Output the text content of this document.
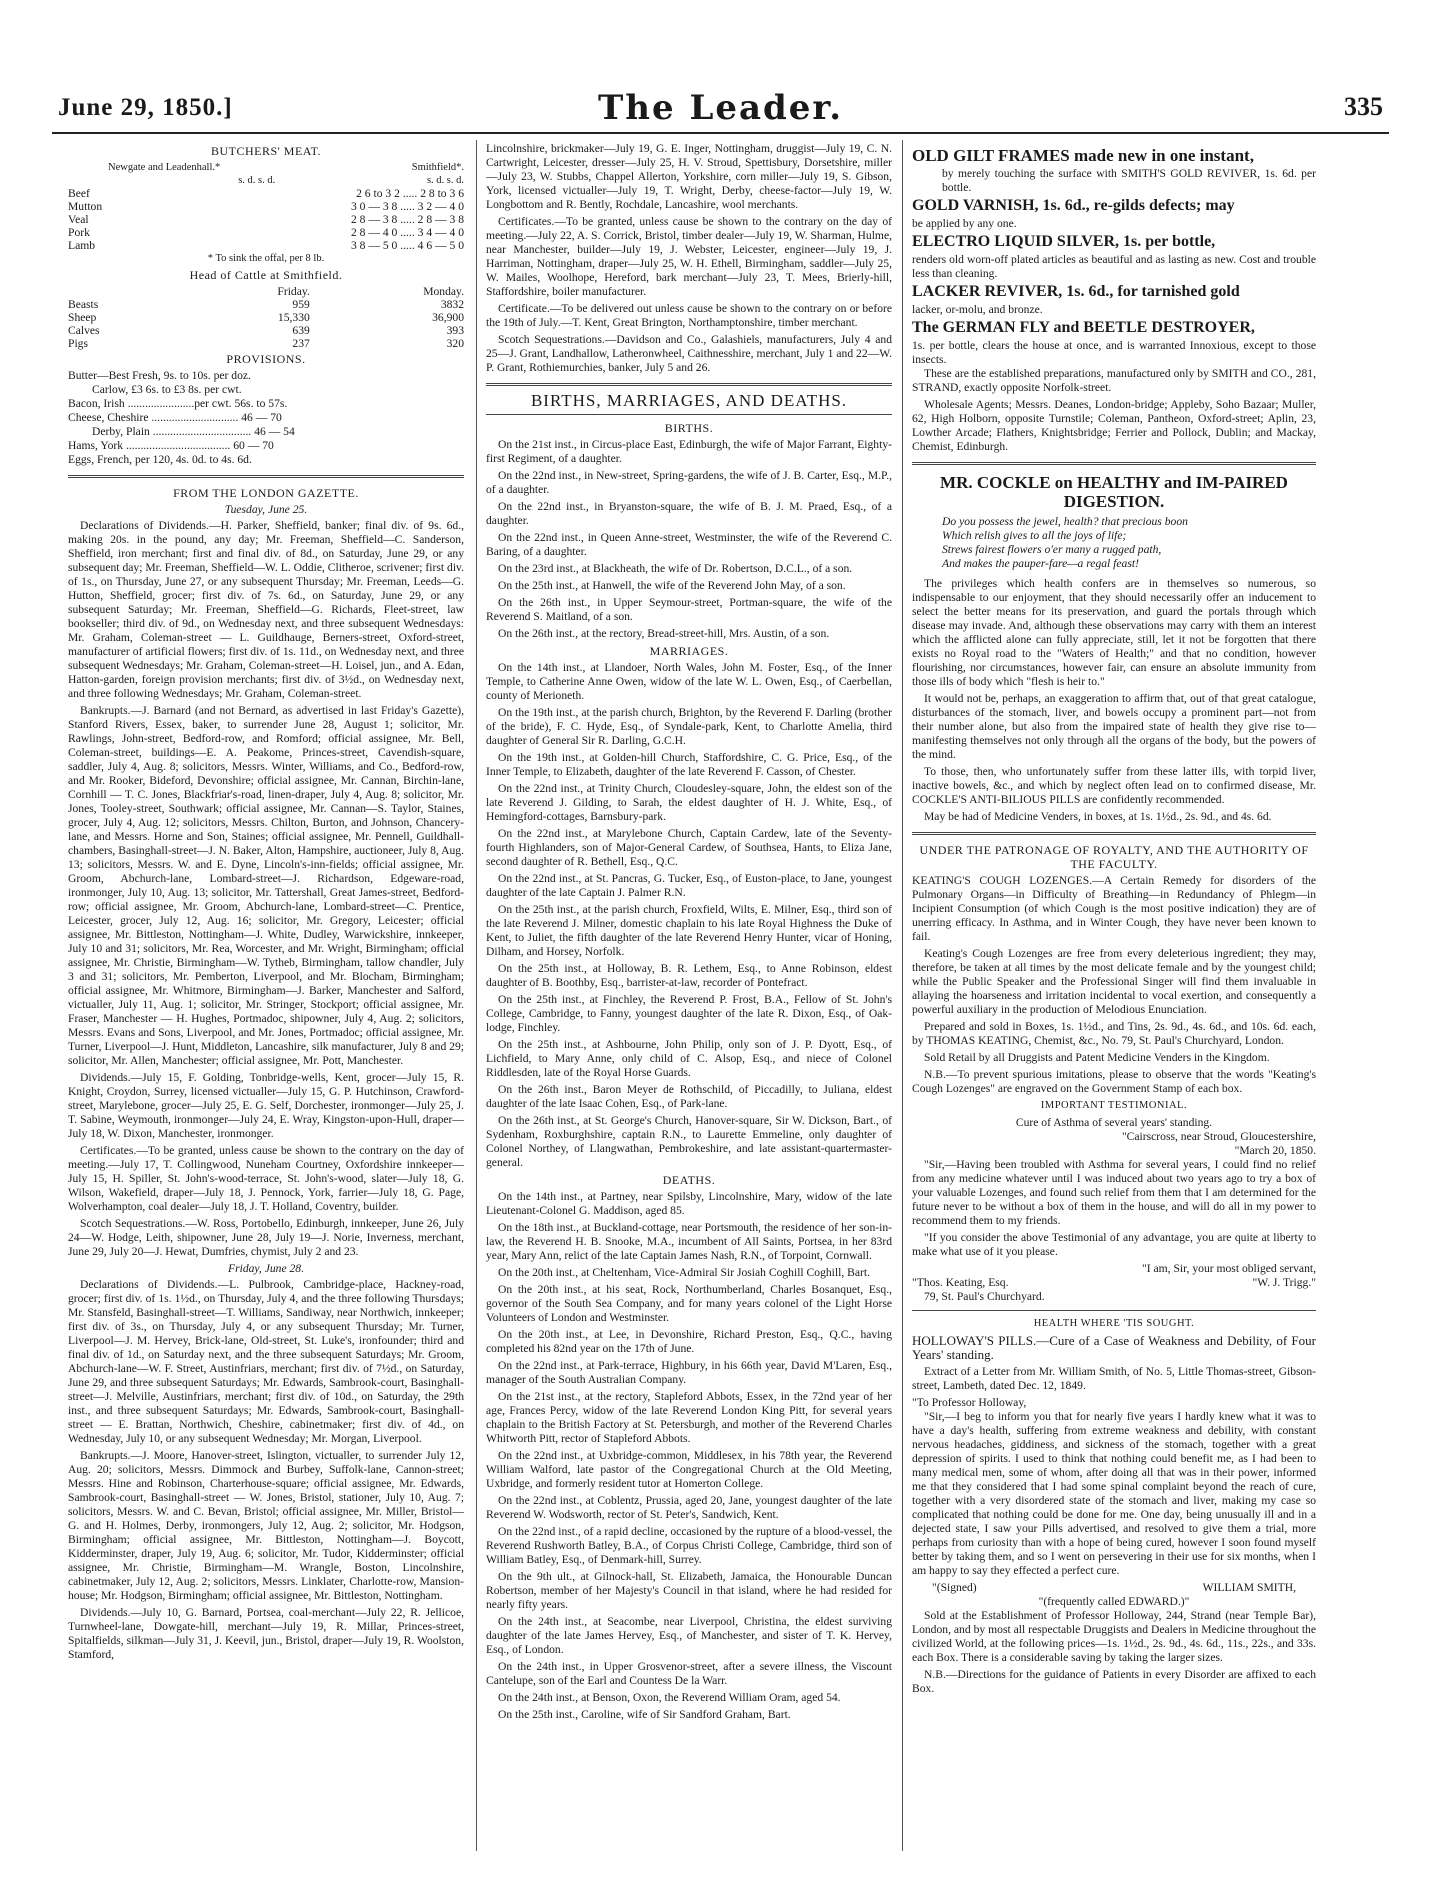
June 29, 1850.]	The Leader.	335
BUTCHERS' MEAT.
Newgate and Leadenhall.*	Smithfield*.
s. d. s. d.	s. d. s. d.
Beef	2 6 to 3 2 ..... 2 8 to 3 6
Mutton	3 0 — 3 8 ..... 3 2 — 4 0
Veal	2 8 — 3 8 ..... 2 8 — 3 8
Pork	2 8 — 4 0 ..... 3 4 — 4 0
Lamb	3 8 — 5 0 ..... 4 6 — 5 0
* To sink the offal, per 8 lb.
Head of Cattle at Smithfield.
	Friday.	Monday.
Beasts	959	3832
Sheep	15,330	36,900
Calves	639	393
Pigs	237	320
PROVISIONS.
Butter—Best Fresh, 9s. to 10s. per doz.
Carlow, £3 6s. to £3 8s. per cwt.
Bacon, Irish .......................per cwt. 56s. to 57s.
Cheese, Cheshire .............................. 46 — 70
Derby, Plain .................................. 46 — 54
Hams, York .................................... 60 — 70
Eggs, French, per 120, 4s. 0d. to 4s. 6d.
FROM THE LONDON GAZETTE.
Tuesday, June 25.

Declarations of Dividends.—H. Parker, Sheffield, banker; final div. of 9s. 6d., making 20s. in the pound, any day; Mr. Freeman, Sheffield—C. Sanderson, Sheffield, iron merchant; first and final div. of 8d., on Saturday, June 29, or any subsequent day; Mr. Freeman, Sheffield—W. L. Oddie, Clitheroe, scrivener; first div. of 1s., on Thursday, June 27, or any subsequent Thursday; Mr. Freeman, Leeds—G. Hutton, Sheffield, grocer; first div. of 7s. 6d., on Saturday, June 29, or any subsequent Saturday; Mr. Freeman, Sheffield—G. Richards, Fleet-street, law bookseller; third div. of 9d., on Wednesday next, and three subsequent Wednesdays: Mr. Graham, Coleman-street — L. Guildhauge, Berners-street, Oxford-street, manufacturer of artificial flowers; first div. of 1s. 11d., on Wednesday next, and three subsequent Wednesdays; Mr. Graham, Coleman-street—H. Loisel, jun., and A. Edan, Hatton-garden, foreign provision merchants; first div. of 3½d., on Wednesday next, and three following Wednesdays; Mr. Graham, Coleman-street.

Bankrupts.—J. Barnard (and not Bernard, as advertised in last Friday's Gazette), Stanford Rivers, Essex, baker, to surrender June 28, August 1; solicitor, Mr. Rawlings, John-street, Bedford-row, and Romford; official assignee, Mr. Bell, Coleman-street, buildings—E. A. Peakome, Princes-street, Cavendish-square, saddler, July 4, Aug. 8; solicitors, Messrs. Winter, Williams, and Co., Bedford-row, and Mr. Rooker, Bideford, Devonshire; official assignee, Mr. Cannan, Birchin-lane, Cornhill — T. C. Jones, Blackfriar's-road, linen-draper, July 4, Aug. 8; solicitor, Mr. Jones, Tooley-street, Southwark; official assignee, Mr. Cannan—S. Taylor, Staines, grocer, July 4, Aug. 12; solicitors, Messrs. Chilton, Burton, and Johnson, Chancery-lane, and Messrs. Horne and Son, Staines; official assignee, Mr. Pennell, Guildhall-chambers, Basinghall-street—J. N. Baker, Alton, Hampshire, auctioneer, July 8, Aug. 13; solicitors, Messrs. W. and E. Dyne, Lincoln's-inn-fields; official assignee, Mr. Groom, Abchurch-lane, Lombard-street—J. Richardson, Edgeware-road, ironmonger, July 10, Aug. 13; solicitor, Mr. Tattershall, Great James-street, Bedford-row; official assignee, Mr. Groom, Abchurch-lane, Lombard-street—C. Prentice, Leicester, grocer, July 12, Aug. 16; solicitor, Mr. Gregory, Leicester; official assignee, Mr. Bittleston, Nottingham—J. White, Dudley, Warwickshire, innkeeper, July 10 and 31; solicitors, Mr. Rea, Worcester, and Mr. Wright, Birmingham; official assignee, Mr. Christie, Birmingham—W. Tytheb, Birmingham, tallow chandler, July 3 and 31; solicitors, Mr. Pemberton, Liverpool, and Mr. Blocham, Birmingham; official assignee, Mr. Whitmore, Birmingham—J. Barker, Manchester and Salford, victualler, July 11, Aug. 1; solicitor, Mr. Stringer, Stockport; official assignee, Mr. Fraser, Manchester — H. Hughes, Portmadoc, shipowner, July 4, Aug. 2; solicitors, Messrs. Evans and Sons, Liverpool, and Mr. Jones, Portmadoc; official assignee, Mr. Turner, Liverpool—J. Hunt, Middleton, Lancashire, silk manufacturer, July 8 and 29; solicitor, Mr. Allen, Manchester; official assignee, Mr. Pott, Manchester.

Dividends.—July 15, F. Golding, Tonbridge-wells, Kent, grocer—July 15, R. Knight, Croydon, Surrey, licensed victualler—July 15, G. P. Hutchinson, Crawford-street, Marylebone, grocer—July 25, E. G. Self, Dorchester, ironmonger—July 25, J. T. Sabine, Weymouth, ironmonger—July 24, E. Wray, Kingston-upon-Hull, draper—July 18, W. Dixon, Manchester, ironmonger.

Certificates.—To be granted, unless cause be shown to the contrary on the day of meeting.—July 17, T. Collingwood, Nuneham Courtney, Oxfordshire innkeeper—July 15, H. Spiller, St. John's-wood-terrace, St. John's-wood, slater—July 18, G. Wilson, Wakefield, draper—July 18, J. Pennock, York, farrier—July 18, G. Page, Wolverhampton, coal dealer—July 18, J. T. Holland, Coventry, builder.

Scotch Sequestrations.—W. Ross, Portobello, Edinburgh, innkeeper, June 26, July 24—W. Hodge, Leith, shipowner, June 28, July 19—J. Norie, Inverness, merchant, June 29, July 20—J. Hewat, Dumfries, chymist, July 2 and 23.

Friday, June 28.

Declarations of Dividends.—L. Pulbrook, Cambridge-place, Hackney-road, grocer; first div. of 1s. 1½d., on Thursday, July 4, and the three following Thursdays; Mr. Stansfeld, Basinghall-street—T. Williams, Sandiway, near Northwich, innkeeper; first div. of 3s., on Thursday, July 4, or any subsequent Thursday; Mr. Turner, Liverpool—J. M. Hervey, Brick-lane, Old-street, St. Luke's, ironfounder; third and final div. of 1d., on Saturday next, and the three subsequent Saturdays; Mr. Groom, Abchurch-lane—W. F. Street, Austinfriars, merchant; first div. of 7½d., on Saturday, June 29, and three subsequent Saturdays; Mr. Edwards, Sambrook-court, Basinghall-street—J. Melville, Austinfriars, merchant; first div. of 10d., on Saturday, the 29th inst., and three subsequent Saturdays; Mr. Edwards, Sambrook-court, Basinghall-street — E. Brattan, Northwich, Cheshire, cabinetmaker; first div. of 4d., on Wednesday, July 10, or any subsequent Wednesday; Mr. Morgan, Liverpool.

Bankrupts.—J. Moore, Hanover-street, Islington, victualler, to surrender July 12, Aug. 20; solicitors, Messrs. Dimmock and Burbey, Suffolk-lane, Cannon-street; Messrs. Hine and Robinson, Charterhouse-square; official assignee, Mr. Edwards, Sambrook-court, Basinghall-street — W. Jones, Bristol, stationer, July 10, Aug. 7; solicitors, Messrs. W. and C. Bevan, Bristol; official assignee, Mr. Miller, Bristol—G. and H. Holmes, Derby, ironmongers, July 12, Aug. 2; solicitor, Mr. Hodgson, Birmingham; official assignee, Mr. Bittleston, Nottingham—J. Boycott, Kidderminster, draper, July 19, Aug. 6; solicitor, Mr. Tudor, Kidderminster; official assignee, Mr. Christie, Birmingham—M. Wrangle, Boston, Lincolnshire, cabinetmaker, July 12, Aug. 2; solicitors, Messrs. Linklater, Charlotte-row, Mansion-house; Mr. Hodgson, Birmingham; official assignee, Mr. Bittleston, Nottingham.

Dividends.—July 10, G. Barnard, Portsea, coal-merchant—July 22, R. Jellicoe, Turnwheel-lane, Dowgate-hill, merchant—July 19, R. Millar, Princes-street, Spitalfields, silkman—July 31, J. Keevil, jun., Bristol, draper—July 19, R. Woolston, Stamford,

Lincolnshire, brickmaker—July 19, G. E. Inger, Nottingham, druggist—July 19, C. N. Cartwright, Leicester, dresser—July 25, H. V. Stroud, Spettisbury, Dorsetshire, miller—July 23, W. Stubbs, Chappel Allerton, Yorkshire, corn miller—July 19, S. Gibson, York, licensed victualler—July 19, T. Wright, Derby, cheese-factor—July 19, W. Longbottom and R. Bently, Rochdale, Lancashire, wool merchants.

Certificates.—To be granted, unless cause be shown to the contrary on the day of meeting.—July 22, A. S. Corrick, Bristol, timber dealer—July 19, W. Sharman, Hulme, near Manchester, builder—July 19, J. Webster, Leicester, engineer—July 19, J. Harriman, Nottingham, draper—July 25, W. H. Ethell, Birmingham, saddler—July 25, W. Mailes, Woolhope, Hereford, bark merchant—July 23, T. Mees, Brierly-hill, Staffordshire, boiler manufacturer.

Certificate.—To be delivered out unless cause be shown to the contrary on or before the 19th of July.—T. Kent, Great Brington, Northamptonshire, timber merchant.

Scotch Sequestrations.—Davidson and Co., Galashiels, manufacturers, July 4 and 25—J. Grant, Landhallow, Latheronwheel, Caithnesshire, merchant, July 1 and 22—W. P. Grant, Rothiemurchies, banker, July 5 and 26.

BIRTHS, MARRIAGES, AND DEATHS.
BIRTHS.

On the 21st inst., in Circus-place East, Edinburgh, the wife of Major Farrant, Eighty-first Regiment, of a daughter.

On the 22nd inst., in New-street, Spring-gardens, the wife of J. B. Carter, Esq., M.P., of a daughter.

On the 22nd inst., in Bryanston-square, the wife of B. J. M. Praed, Esq., of a daughter.

On the 22nd inst., in Queen Anne-street, Westminster, the wife of the Reverend C. Baring, of a daughter.

On the 23rd inst., at Blackheath, the wife of Dr. Robertson, D.C.L., of a son.

On the 25th inst., at Hanwell, the wife of the Reverend John May, of a son.

On the 26th inst., in Upper Seymour-street, Portman-square, the wife of the Reverend S. Maitland, of a son.

On the 26th inst., at the rectory, Bread-street-hill, Mrs. Austin, of a son.

MARRIAGES.

On the 14th inst., at Llandoer, North Wales, John M. Foster, Esq., of the Inner Temple, to Catherine Anne Owen, widow of the late W. L. Owen, Esq., of Caerbellan, county of Merioneth.

On the 19th inst., at the parish church, Brighton, by the Reverend F. Darling (brother of the bride), F. C. Hyde, Esq., of Syndale-park, Kent, to Charlotte Amelia, third daughter of General Sir R. Darling, G.C.H.

On the 19th inst., at Golden-hill Church, Staffordshire, C. G. Price, Esq., of the Inner Temple, to Elizabeth, daughter of the late Reverend F. Casson, of Chester.

On the 22nd inst., at Trinity Church, Cloudesley-square, John, the eldest son of the late Reverend J. Gilding, to Sarah, the eldest daughter of H. J. White, Esq., of Hemingford-cottages, Barnsbury-park.

On the 22nd inst., at Marylebone Church, Captain Cardew, late of the Seventy-fourth Highlanders, son of Major-General Cardew, of Southsea, Hants, to Eliza Jane, second daughter of R. Bethell, Esq., Q.C.

On the 22nd inst., at St. Pancras, G. Tucker, Esq., of Euston-place, to Jane, youngest daughter of the late Captain J. Palmer R.N.

On the 25th inst., at the parish church, Froxfield, Wilts, E. Milner, Esq., third son of the late Reverend J. Milner, domestic chaplain to his late Royal Highness the Duke of Kent, to Juliet, the fifth daughter of the late Reverend Henry Hunter, vicar of Honing, Dilham, and Horsey, Norfolk.

On the 25th inst., at Holloway, B. R. Lethem, Esq., to Anne Robinson, eldest daughter of B. Boothby, Esq., barrister-at-law, recorder of Pontefract.

On the 25th inst., at Finchley, the Reverend P. Frost, B.A., Fellow of St. John's College, Cambridge, to Fanny, youngest daughter of the late R. Dixon, Esq., of Oak-lodge, Finchley.

On the 25th inst., at Ashbourne, John Philip, only son of J. P. Dyott, Esq., of Lichfield, to Mary Anne, only child of C. Alsop, Esq., and niece of Colonel Riddlesden, late of the Royal Horse Guards.

On the 26th inst., Baron Meyer de Rothschild, of Piccadilly, to Juliana, eldest daughter of the late Isaac Cohen, Esq., of Park-lane.

On the 26th inst., at St. George's Church, Hanover-square, Sir W. Dickson, Bart., of Sydenham, Roxburghshire, captain R.N., to Laurette Emmeline, only daughter of Colonel Northey, of Llangwathan, Pembrokeshire, and late assistant-quartermaster-general.

DEATHS.

On the 14th inst., at Partney, near Spilsby, Lincolnshire, Mary, widow of the late Lieutenant-Colonel G. Maddison, aged 85.

On the 18th inst., at Buckland-cottage, near Portsmouth, the residence of her son-in-law, the Reverend H. B. Snooke, M.A., incumbent of All Saints, Portsea, in her 83rd year, Mary Ann, relict of the late Captain James Nash, R.N., of Torpoint, Cornwall.

On the 20th inst., at Cheltenham, Vice-Admiral Sir Josiah Coghill Coghill, Bart.

On the 20th inst., at his seat, Rock, Northumberland, Charles Bosanquet, Esq., governor of the South Sea Company, and for many years colonel of the Light Horse Volunteers of London and Westminster.

On the 20th inst., at Lee, in Devonshire, Richard Preston, Esq., Q.C., having completed his 82nd year on the 17th of June.

On the 22nd inst., at Park-terrace, Highbury, in his 66th year, David M'Laren, Esq., manager of the South Australian Company.

On the 21st inst., at the rectory, Stapleford Abbots, Essex, in the 72nd year of her age, Frances Percy, widow of the late Reverend London King Pitt, for several years chaplain to the British Factory at St. Petersburgh, and mother of the Reverend Charles Whitworth Pitt, rector of Stapleford Abbots.

On the 22nd inst., at Uxbridge-common, Middlesex, in his 78th year, the Reverend William Walford, late pastor of the Congregational Church at the Old Meeting, Uxbridge, and formerly resident tutor at Homerton College.

On the 22nd inst., at Coblentz, Prussia, aged 20, Jane, youngest daughter of the late Reverend W. Wodsworth, rector of St. Peter's, Sandwich, Kent.

On the 22nd inst., of a rapid decline, occasioned by the rupture of a blood-vessel, the Reverend Rushworth Batley, B.A., of Corpus Christi College, Cambridge, third son of William Batley, Esq., of Denmark-hill, Surrey.

On the 9th ult., at Gilnock-hall, St. Elizabeth, Jamaica, the Honourable Duncan Robertson, member of her Majesty's Council in that island, where he had resided for nearly fifty years.

On the 24th inst., at Seacombe, near Liverpool, Christina, the eldest surviving daughter of the late James Hervey, Esq., of Manchester, and sister of T. K. Hervey, Esq., of London.

On the 24th inst., in Upper Grosvenor-street, after a severe illness, the Viscount Cantelupe, son of the Earl and Countess De la Warr.

On the 24th inst., at Benson, Oxon, the Reverend William Oram, aged 54.

On the 25th inst., Caroline, wife of Sir Sandford Graham, Bart.

OLD GILT FRAMES made new in one instant,
by merely touching the surface with SMITH'S GOLD REVIVER, 1s. 6d. per bottle.
GOLD VARNISH, 1s. 6d., re-gilds defects; may
be applied by any one.
ELECTRO LIQUID SILVER, 1s. per bottle,
renders old worn-off plated articles as beautiful and as lasting as new. Cost and trouble less than cleaning.
LACKER REVIVER, 1s. 6d., for tarnished gold
lacker, or-molu, and bronze.
The GERMAN FLY and BEETLE DESTROYER,
1s. per bottle, clears the house at once, and is warranted Innoxious, except to those insects.

These are the established preparations, manufactured only by SMITH and CO., 281, STRAND, exactly opposite Norfolk-street.

Wholesale Agents; Messrs. Deanes, London-bridge; Appleby, Soho Bazaar; Muller, 62, High Holborn, opposite Turnstile; Coleman, Pantheon, Oxford-street; Aplin, 23, Lowther Arcade; Flathers, Knightsbridge; Ferrier and Pollock, Dublin; and Mackay, Chemist, Edinburgh.

MR. COCKLE on HEALTHY and IM-PAIRED DIGESTION.
Do you possess the jewel, health? that precious boon
Which relish gives to all the joys of life;
Strews fairest flowers o'er many a rugged path,
And makes the pauper-fare—a regal feast!

The privileges which health confers are in themselves so numerous, so indispensable to our enjoyment, that they should necessarily offer an inducement to select the better means for its preservation, and guard the portals through which disease may invade. And, although these observations may carry with them an interest which the afflicted alone can fully appreciate, still, let it not be forgotten that there exists no Royal road to the "Waters of Health;" and that no condition, however flourishing, nor circumstances, however fair, can ensure an absolute immunity from those ills of body which "flesh is heir to."

It would not be, perhaps, an exaggeration to affirm that, out of that great catalogue, disturbances of the stomach, liver, and bowels occupy a prominent part—not from their number alone, but also from the impaired state of health they give rise to—manifesting themselves not only through all the organs of the body, but the powers of the mind.

To those, then, who unfortunately suffer from these latter ills, with torpid liver, inactive bowels, &c., and which by neglect often lead on to confirmed disease, Mr. COCKLE'S ANTI-BILIOUS PILLS are confidently recommended.

May be had of Medicine Venders, in boxes, at 1s. 1½d., 2s. 9d., and 4s. 6d.

UNDER THE PATRONAGE OF ROYALTY, AND THE AUTHORITY OF THE FACULTY.

KEATING'S COUGH LOZENGES.—A Certain Remedy for disorders of the Pulmonary Organs—in Difficulty of Breathing—in Redundancy of Phlegm—in Incipient Consumption (of which Cough is the most positive indication) they are of unerring efficacy. In Asthma, and in Winter Cough, they have never been known to fail.

Keating's Cough Lozenges are free from every deleterious ingredient; they may, therefore, be taken at all times by the most delicate female and by the youngest child; while the Public Speaker and the Professional Singer will find them invaluable in allaying the hoarseness and irritation incidental to vocal exertion, and consequently a powerful auxiliary in the production of Melodious Enunciation.

Prepared and sold in Boxes, 1s. 1½d., and Tins, 2s. 9d., 4s. 6d., and 10s. 6d. each, by THOMAS KEATING, Chemist, &c., No. 79, St. Paul's Churchyard, London.

Sold Retail by all Druggists and Patent Medicine Venders in the Kingdom.

N.B.—To prevent spurious imitations, please to observe that the words "Keating's Cough Lozenges" are engraved on the Government Stamp of each box.

IMPORTANT TESTIMONIAL.
Cure of Asthma of several years' standing.
"Cairscross, near Stroud, Gloucestershire,
"March 20, 1850.

"Sir,—Having been troubled with Asthma for several years, I could find no relief from any medicine whatever until I was induced about two years ago to try a box of your valuable Lozenges, and found such relief from them that I am determined for the future never to be without a box of them in the house, and will do all in my power to recommend them to my friends.

"If you consider the above Testimonial of any advantage, you are quite at liberty to make what use of it you please.

"I am, Sir, your most obliged servant,
"Thos. Keating, Esq.	"W. J. Trigg."
79, St. Paul's Churchyard.
HEALTH WHERE 'TIS SOUGHT.

HOLLOWAY'S PILLS.—Cure of a Case of Weakness and Debility, of Four Years' standing.

Extract of a Letter from Mr. William Smith, of No. 5, Little Thomas-street, Gibson-street, Lambeth, dated Dec. 12, 1849.

"To Professor Holloway,

"Sir,—I beg to inform you that for nearly five years I hardly knew what it was to have a day's health, suffering from extreme weakness and debility, with constant nervous headaches, giddiness, and sickness of the stomach, together with a great depression of spirits. I used to think that nothing could benefit me, as I had been to many medical men, some of whom, after doing all that was in their power, informed me that they considered that I had some spinal complaint beyond the reach of cure, together with a very disordered state of the stomach and liver, making my case so complicated that nothing could be done for me. One day, being unusually ill and in a dejected state, I saw your Pills advertised, and resolved to give them a trial, more perhaps from curiosity than with a hope of being cured, however I soon found myself better by taking them, and so I went on persevering in their use for six months, when I am happy to say they effected a perfect cure.

"(Signed)	WILLIAM SMITH,
"(frequently called EDWARD.)"

Sold at the Establishment of Professor Holloway, 244, Strand (near Temple Bar), London, and by most all respectable Druggists and Dealers in Medicine throughout the civilized World, at the following prices—1s. 1½d., 2s. 9d., 4s. 6d., 11s., 22s., and 33s. each Box. There is a considerable saving by taking the larger sizes.

N.B.—Directions for the guidance of Patients in every Disorder are affixed to each Box.
